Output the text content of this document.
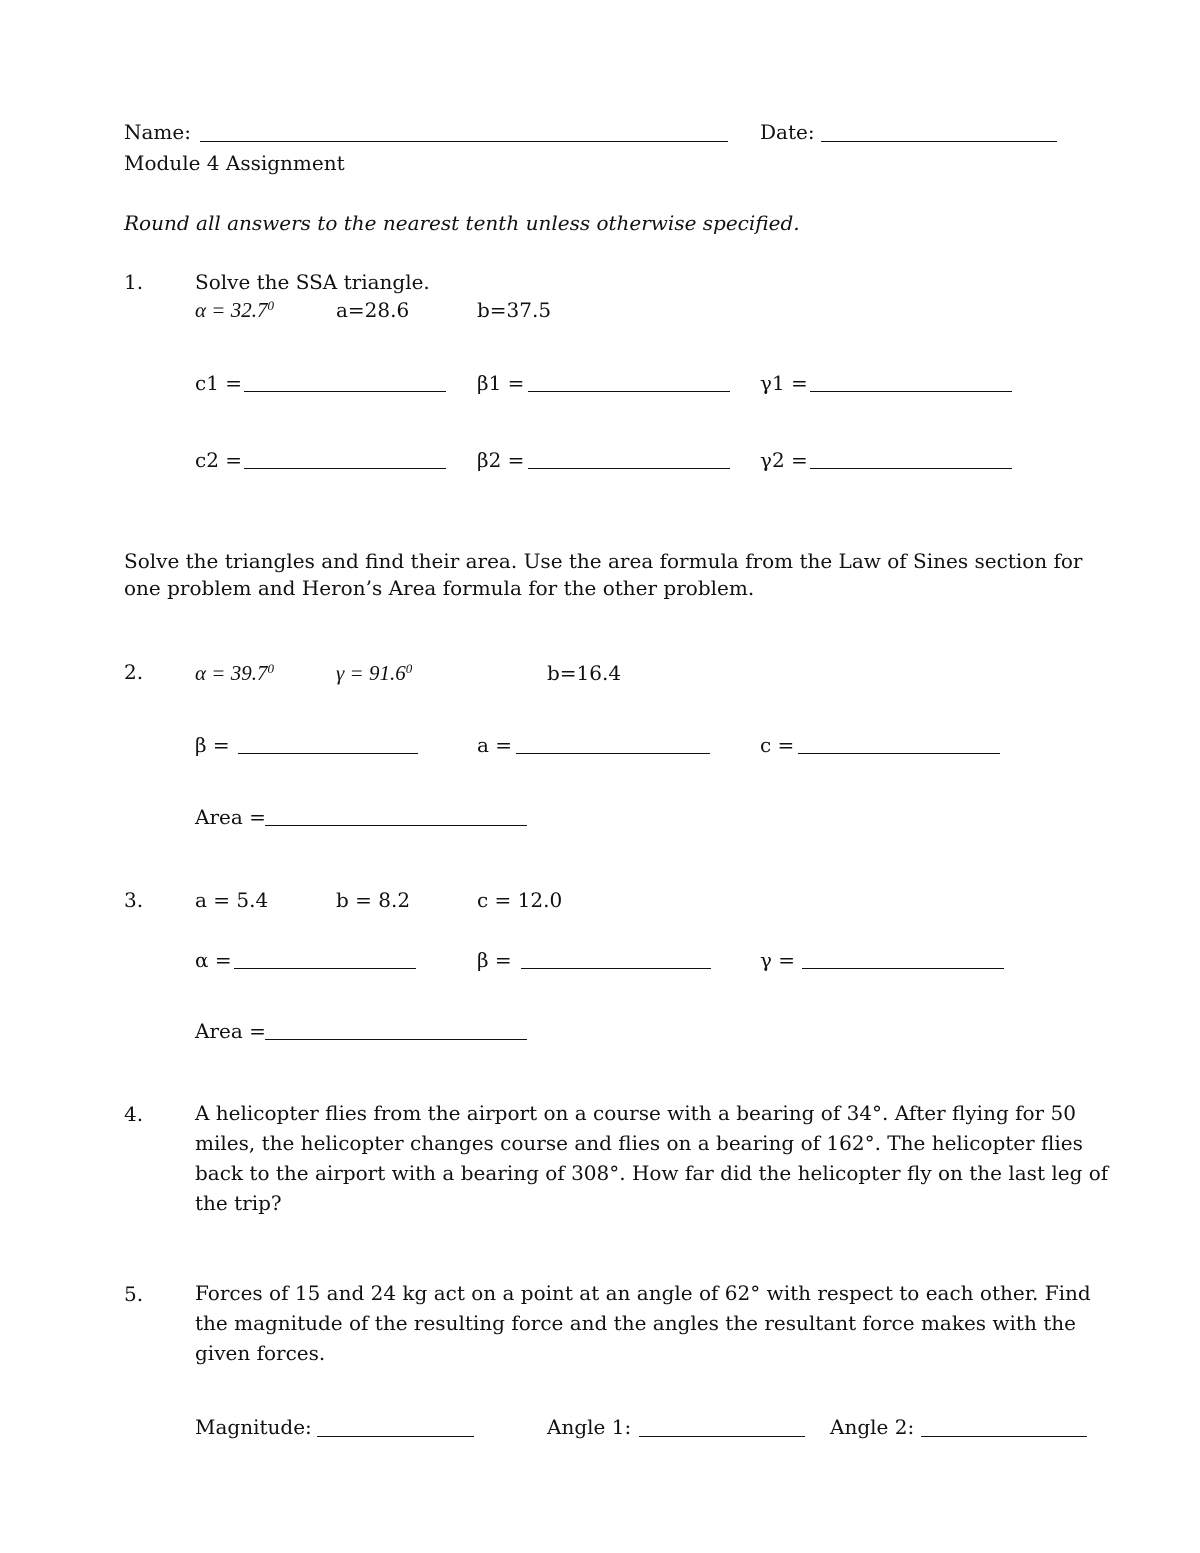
Name:	Date:
Module 4 Assignment
Round all answers to the nearest tenth unless otherwise specified.
1.	Solve the SSA triangle.
$\alpha = 32.7^0$	a=28.6	b=37.5
c1 =	β1 =	γ1 =
c2 =	β2 =	γ2 =
Solve the triangles and find their area. Use the area formula from the Law of Sines section for one problem and Heron’s Area formula for the other problem.
2. $\alpha = 39.7^0$	$\gamma = 91.6^0$	b=16.4
β =	a =	c =
Area =
3.	a = 5.4	b = 8.2	c = 12.0
α =	β =	γ =
Area =
4.	A helicopter flies from the airport on a course with a bearing of 34°. After flying for 50 miles, the helicopter changes course and flies on a bearing of 162°. The helicopter flies back to the airport with a bearing of 308°. How far did the helicopter fly on the last leg of the trip?
5.	Forces of 15 and 24 kg act on a point at an angle of 62° with respect to each other. Find the magnitude of the resulting force and the angles the resultant force makes with the given forces.
Magnitude:	Angle 1:	Angle 2:
